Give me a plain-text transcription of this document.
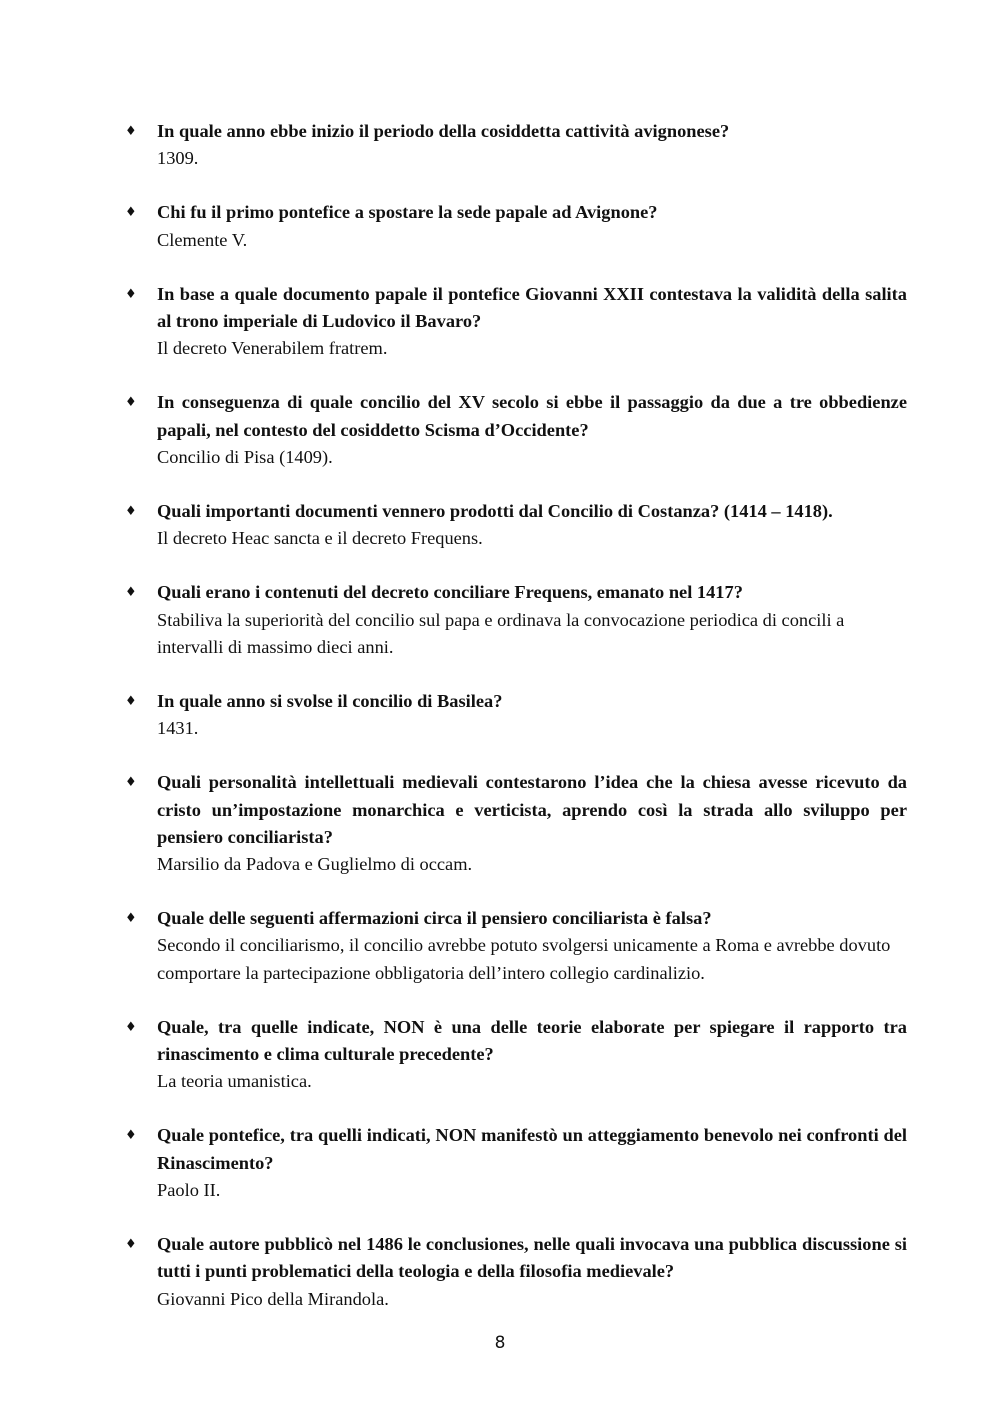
♦ In quale anno ebbe inizio il periodo della cosiddetta cattività avignonese?
1309.
♦ Chi fu il primo pontefice a spostare la sede papale ad Avignone?
Clemente V.
♦ In base a quale documento papale il pontefice Giovanni XXII contestava la validità della salita al trono imperiale di Ludovico il Bavaro?
Il decreto Venerabilem fratrem.
♦ In conseguenza di quale concilio del XV secolo si ebbe il passaggio da due a tre obbedienze papali, nel contesto del cosiddetto Scisma d’Occidente?
Concilio di Pisa (1409).
♦ Quali importanti documenti vennero prodotti dal Concilio di Costanza? (1414 – 1418).
Il decreto Heac sancta e il decreto Frequens.
♦ Quali erano i contenuti del decreto conciliare Frequens, emanato nel 1417?
Stabiliva la superiorità del concilio sul papa e ordinava la convocazione periodica di concili a intervalli di massimo dieci anni.
♦ In quale anno si svolse il concilio di Basilea?
1431.
♦ Quali personalità intellettuali medievali contestarono l’idea che la chiesa avesse ricevuto da cristo un’impostazione monarchica e verticista, aprendo così la strada allo sviluppo per pensiero conciliarista?
Marsilio da Padova e Guglielmo di occam.
♦ Quale delle seguenti affermazioni circa il pensiero conciliarista è falsa?
Secondo il conciliarismo, il concilio avrebbe potuto svolgersi unicamente a Roma e avrebbe dovuto comportare la partecipazione obbligatoria dell’intero collegio cardinalizio.
♦ Quale, tra quelle indicate, NON è una delle teorie elaborate per spiegare il rapporto tra rinascimento e clima culturale precedente?
La teoria umanistica.
♦ Quale pontefice, tra quelli indicati, NON manifestò un atteggiamento benevolo nei confronti del Rinascimento?
Paolo II.
♦ Quale autore pubblicò nel 1486 le conclusiones, nelle quali invocava una pubblica discussione si tutti i punti problematici della teologia e della filosofia medievale?
Giovanni Pico della Mirandola.
8
